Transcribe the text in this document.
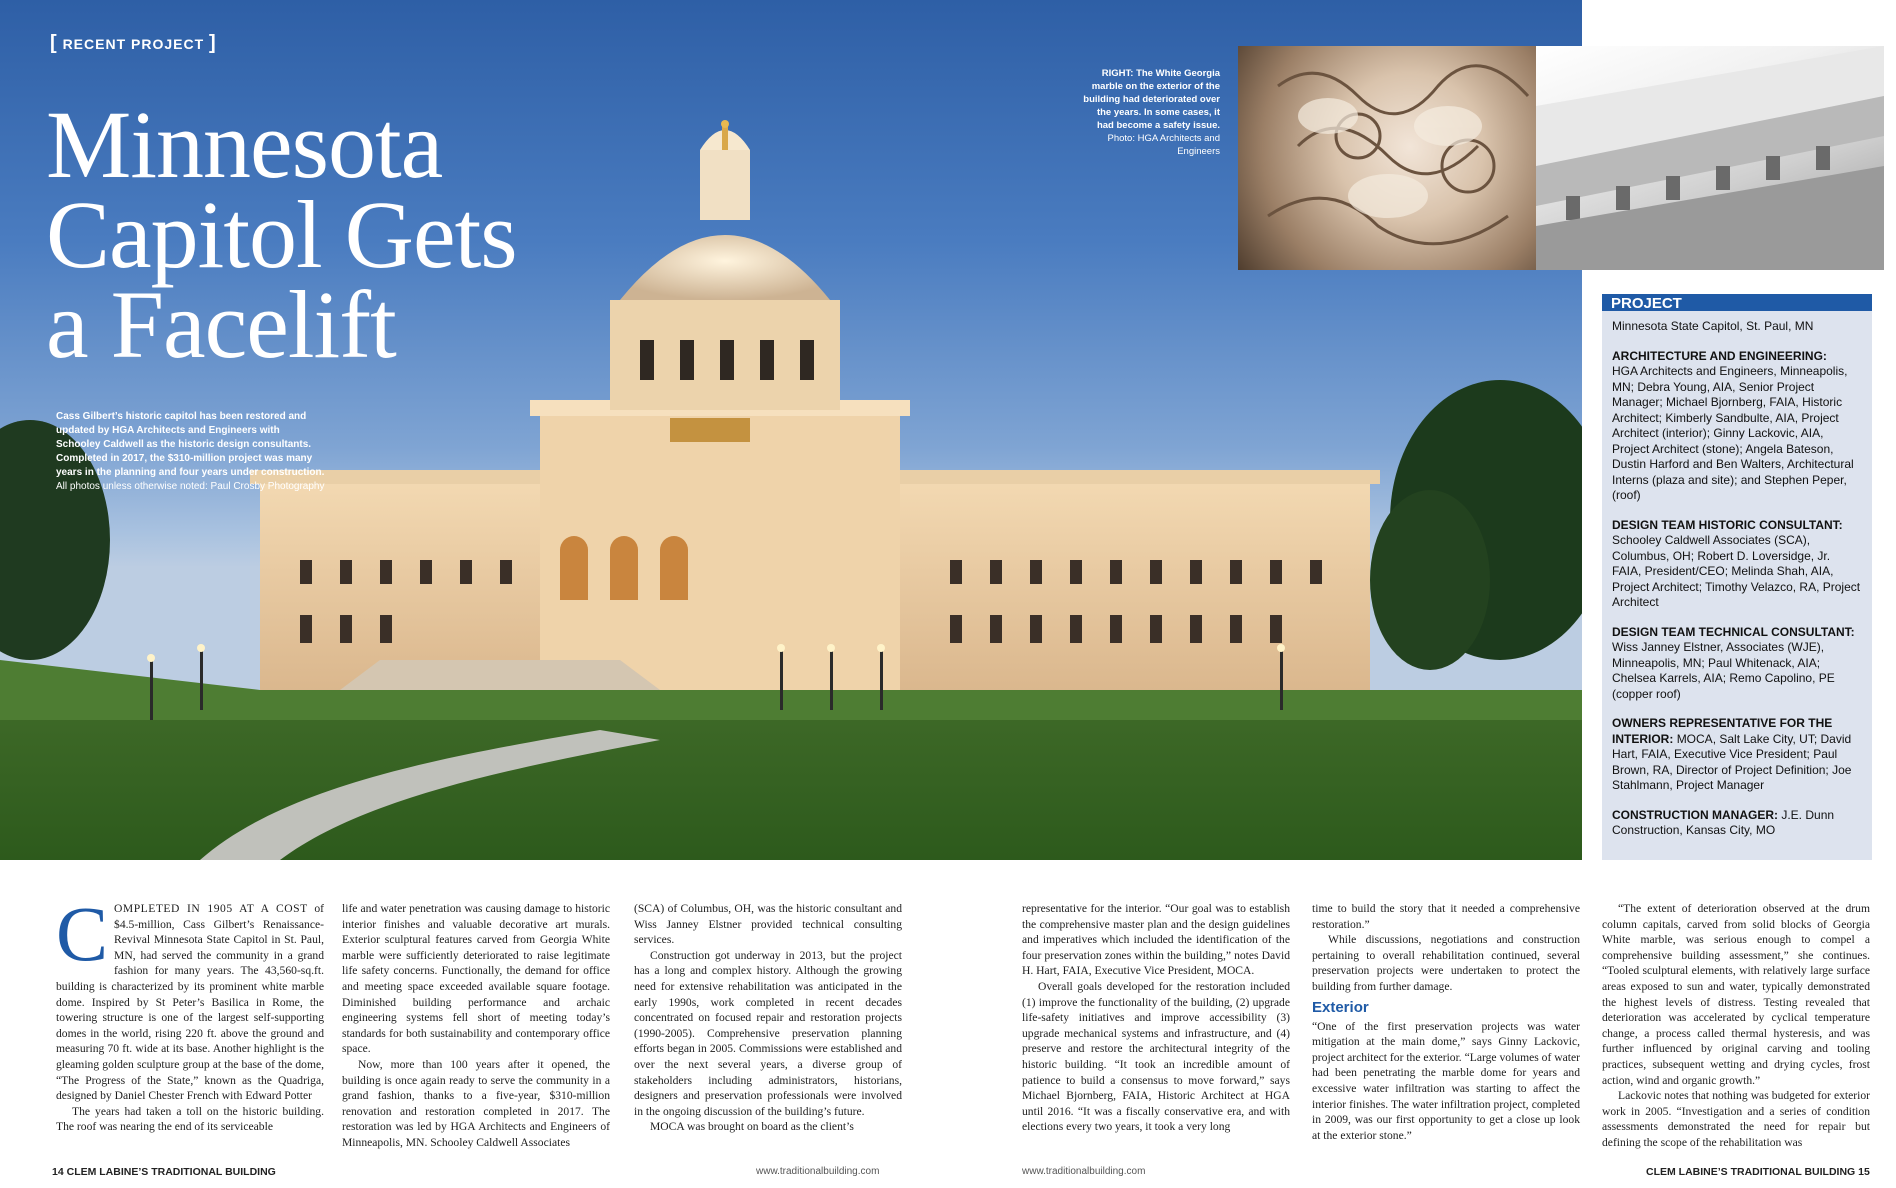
[ RECENT PROJECT ]
Minnesota
Capitol Gets
a Facelift

Cass Gilbert’s historic capitol has been restored and updated by HGA Architects and Engineers with Schooley Caldwell as the historic design consultants. Completed in 2017, the $310-million project was many years in the planning and four years under construction. All photos unless otherwise noted: Paul Crosby Photography

RIGHT: The White Georgia marble on the exterior of the building had deteriorated over the years. In some cases, it had become a safety issue. Photo: HGA Architects and Engineers

PROJECT

Minnesota State Capitol, St. Paul, MN

ARCHITECTURE AND ENGINEERING:
HGA Architects and Engineers, Minneapolis, MN; Debra Young, AIA, Senior Project Manager; Michael Bjornberg, FAIA, Historic Architect; Kimberly Sandbulte, AIA, Project Architect (interior); Ginny Lackovic, AIA, Project Architect (stone); Angela Bateson, Dustin Harford and Ben Walters, Architectural Interns (plaza and site); and Stephen Peper, (roof)

DESIGN TEAM HISTORIC CONSULTANT: Schooley Caldwell Associates (SCA), Columbus, OH; Robert D. Loversidge, Jr. FAIA, President/CEO; Melinda Shah, AIA, Project Architect; Timothy Velazco, RA, Project Architect

DESIGN TEAM TECHNICAL CONSULTANT: Wiss Janney Elstner, Associates (WJE), Minneapolis, MN; Paul Whitenack, AIA; Chelsea Karrels, AIA; Remo Capolino, PE (copper roof)

OWNERS REPRESENTATIVE FOR THE INTERIOR: MOCA, Salt Lake City, UT; David Hart, FAIA, Executive Vice President; Paul Brown, RA, Director of Project Definition; Joe Stahlmann, Project Manager

CONSTRUCTION MANAGER: J.E. Dunn Construction, Kansas City, MO

COMPLETED IN 1905 AT A COST of $4.5-million, Cass Gilbert’s Renaissance-Revival Minnesota State Capitol in St. Paul, MN, had served the community in a grand fashion for many years. The 43,560-sq.ft. building is characterized by its prominent white marble dome. Inspired by St Peter’s Basilica in Rome, the towering structure is one of the largest self-supporting domes in the world, rising 220 ft. above the ground and measuring 70 ft. wide at its base. Another highlight is the gleaming golden sculpture group at the base of the dome, “The Progress of the State,” known as the Quadriga, designed by Daniel Chester French with Edward Potter

The years had taken a toll on the historic building. The roof was nearing the end of its serviceable

life and water penetration was causing damage to historic interior finishes and valuable decorative art murals. Exterior sculptural features carved from Georgia White marble were sufficiently deteriorated to raise legitimate life safety concerns. Functionally, the demand for office and meeting space exceeded available square footage. Diminished building performance and archaic engineering systems fell short of meeting today’s standards for both sustainability and contemporary office space.

Now, more than 100 years after it opened, the building is once again ready to serve the community in a grand fashion, thanks to a five-year, $310-million renovation and restoration completed in 2017. The restoration was led by HGA Architects and Engineers of Minneapolis, MN. Schooley Caldwell Associates

(SCA) of Columbus, OH, was the historic consultant and Wiss Janney Elstner provided technical consulting services.

Construction got underway in 2013, but the project has a long and complex history. Although the growing need for extensive rehabilitation was anticipated in the early 1990s, work completed in recent decades concentrated on focused repair and restoration projects (1990-2005). Comprehensive preservation planning efforts began in 2005. Commissions were established and over the next several years, a diverse group of stakeholders including administrators, historians, designers and preservation professionals were involved in the ongoing discussion of the building’s future.

MOCA was brought on board as the client’s

representative for the interior. “Our goal was to establish the comprehensive master plan and the design guidelines and imperatives which included the identification of the four preservation zones within the building,” notes David H. Hart, FAIA, Executive Vice President, MOCA.

Overall goals developed for the restoration included (1) improve the functionality of the building, (2) upgrade life-safety initiatives and improve accessibility (3) upgrade mechanical systems and infrastructure, and (4) preserve and restore the architectural integrity of the historic building. “It took an incredible amount of patience to build a consensus to move forward,” says Michael Bjornberg, FAIA, Historic Architect at HGA until 2016. “It was a fiscally conservative era, and with elections every two years, it took a very long

time to build the story that it needed a comprehensive restoration.”

While discussions, negotiations and construction pertaining to overall rehabilitation continued, several preservation projects were undertaken to protect the building from further damage.

Exterior

“One of the first preservation projects was water mitigation at the main dome,” says Ginny Lackovic, project architect for the exterior. “Large volumes of water had been penetrating the marble dome for years and excessive water infiltration was starting to affect the interior finishes. The water infiltration project, completed in 2009, was our first opportunity to get a close up look at the exterior stone.”

“The extent of deterioration observed at the drum column capitals, carved from solid blocks of Georgia White marble, was serious enough to compel a comprehensive building assessment,” she continues. “Tooled sculptural elements, with relatively large surface areas exposed to sun and water, typically demonstrated the highest levels of distress. Testing revealed that deterioration was accelerated by cyclical temperature change, a process called thermal hysteresis, and was further influenced by original carving and tooling practices, subsequent wetting and drying cycles, frost action, wind and organic growth.”

Lackovic notes that nothing was budgeted for exterior work in 2005. “Investigation and a series of condition assessments demonstrated the need for repair but defining the scope of the rehabilitation was

14 CLEM LABINE’S TRADITIONAL BUILDING	www.traditionalbuilding.com	www.traditionalbuilding.com	CLEM LABINE’S TRADITIONAL BUILDING 15
